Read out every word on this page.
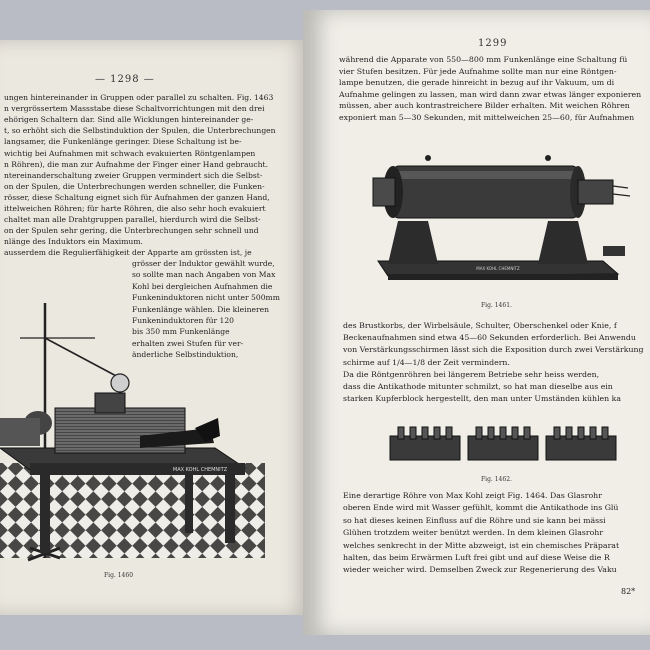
— 1298 —
ungen hintereinander in Gruppen oder parallel zu schalten. Fig. 1463
n vergrössertem Massstabe diese Schaltvorrichtungen mit den drei
ehörigen Schaltern dar. Sind alle Wicklungen hintereinander ge-
t, so erhöht sich die Selbstinduktion der Spulen, die Unterbrechungen
langsamer, die Funkenlänge geringer. Diese Schaltung ist be-
wichtig bei Aufnahmen mit schwach evakuierten Röntgenlampen
n Röhren), die man zur Aufnahme der Finger einer Hand gebraucht.
ntereinanderschaltung zweier Gruppen vermindert sich die Selbst-
on der Spulen, die Unterbrechungen werden schneller, die Funken-
rösser, diese Schaltung eignet sich für Aufnahmen der ganzen Hand,
ittelweichen Röhren; für harte Röhren, die also sehr hoch evakuiert
chaltet man alle Drahtgruppen parallel, hierdurch wird die Selbst-
on der Spulen sehr gering, die Unterbrechungen sehr schnell und
nlänge des Induktors ein Maximum.
ausserdem die Regulierfähigkeit der Apparte am grössten ist, je
grösser der Induktor gewählt wurde,
so sollte man nach Angaben von Max
Kohl bei dergleichen Aufnahmen die
Funkeninduktoren nicht unter 500mm
Funkenlänge wählen. Die kleineren
Funkeninduktoren für 120
bis 350 mm Funkenlänge
erhalten zwei Stufen für ver-
änderliche Selbstinduktion,
MAX KOHL CHEMNITZ
Fig. 1460
1299
während die Apparate von 550—800 mm Funkenlänge eine Schaltung fü
vier Stufen besitzen. Für jede Aufnahme sollte man nur eine Röntgen-
lampe benutzen, die gerade hinreicht in bezug auf ihr Vakuum, um di
Aufnahme gelingen zu lassen, man wird dann zwar etwas länger exponieren
müssen, aber auch kontrastreichere Bilder erhalten. Mit weichen Röhren
exponiert man 5—30 Sekunden, mit mittelweichen 25—60, für Aufnahmen
MAX KOHL CHEMNITZ
Fig. 1461.
des Brustkorbs, der Wirbelsäule, Schulter, Oberschenkel oder Knie, f
Beckenaufnahmen sind etwa 45—60 Sekunden erforderlich. Bei Anwendu
von Verstärkungsschirmen lässt sich die Exposition durch zwei Verstärkung
schirme auf 1/4—1/8 der Zeit vermindern.
Da die Röntgenröhren bei längerem Betriebe sehr heiss werden,
dass die Antikathode mitunter schmilzt, so hat man dieselbe aus ein
starken Kupferblock hergestellt, den man unter Umständen kühlen ka
Fig. 1462.
Eine derartige Röhre von Max Kohl zeigt Fig. 1464. Das Glasrohr
oberen Ende wird mit Wasser gefühlt, kommt die Antikathode ins Glü
so hat dieses keinen Einfluss auf die Röhre und sie kann bei mässi
Glühen trotzdem weiter benützt werden. In dem kleinen Glasrohr
welches senkrecht in der Mitte abzweigt, ist ein chemisches Präparat
halten, das beim Erwärmen Luft frei gibt und auf diese Weise die R
wieder weicher wird. Demselben Zweck zur Regenerierung des Vaku
82*
